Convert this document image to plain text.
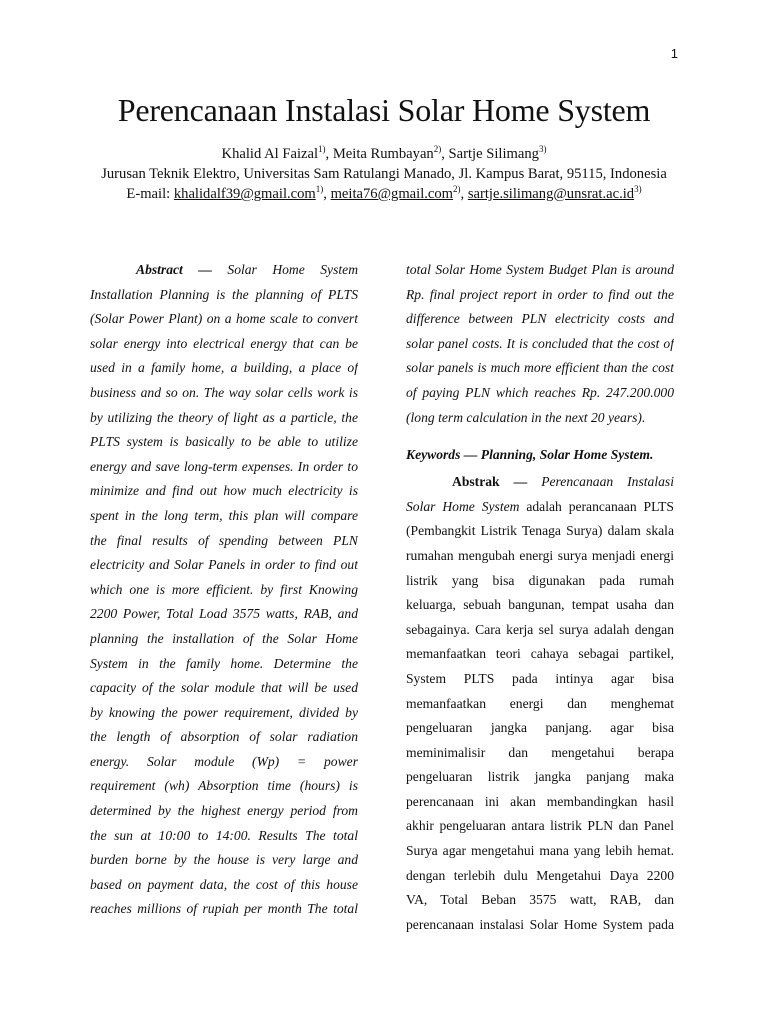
1
Perencanaan Instalasi Solar Home System
Khalid Al Faizal$^{1)}$, Meita Rumbayan$^{2)}$, Sartje Silimang$^{3)}$
Jurusan Teknik Elektro, Universitas Sam Ratulangi Manado, Jl. Kampus Barat, 95115, Indonesia
E-mail: khalidalf39@gmail.com$^{1)}$, meita76@gmail.com$^{2)}$, $sartje.silimang@unsrat.ac.id^{3)}$
Abstract — Solar Home System
Installation Planning is the planning of PLTS
(Solar Power Plant) on a home scale to convert
solar energy into electrical energy that can be
used in a family home, a building, a place of
business and so on. The way solar cells work is
by utilizing the theory of light as a particle, the
PLTS system is basically to be able to utilize
energy and save long-term expenses. In order to
minimize and find out how much electricity is
spent in the long term, this plan will compare
the final results of spending between PLN
electricity and Solar Panels in order to find out
which one is more efficient. by first Knowing
2200 Power, Total Load 3575 watts, RAB, and
planning the installation of the Solar Home
System in the family home. Determine the
capacity of the solar module that will be used
by knowing the power requirement, divided by
the length of absorption of solar radiation
energy. Solar module (Wp) = power
requirement (wh) Absorption time (hours) is
determined by the highest energy period from
the sun at 10:00 to 14:00. Results The total
burden borne by the house is very large and
based on payment data, the cost of this house
reaches millions of rupiah per month The total
total Solar Home System Budget Plan is around
Rp. final project report in order to find out the
difference between PLN electricity costs and
solar panel costs. It is concluded that the cost of
solar panels is much more efficient than the cost
of paying PLN which reaches Rp. 247.200.000
(long term calculation in the next 20 years).
Keywords — Planning, Solar Home System.
Abstrak — Perencanaan Instalasi
Solar Home System adalah perancanaan PLTS
(Pembangkit Listrik Tenaga Surya) dalam skala
rumahan mengubah energi surya menjadi energi
listrik yang bisa digunakan pada rumah
keluarga, sebuah bangunan, tempat usaha dan
sebagainya. Cara kerja sel surya adalah dengan
memanfaatkan teori cahaya sebagai partikel,
System PLTS pada intinya agar bisa
memanfaatkan energi dan menghemat
pengeluaran jangka panjang. agar bisa
meminimalisir dan mengetahui berapa
pengeluaran listrik jangka panjang maka
perencanaan ini akan membandingkan hasil
akhir pengeluaran antara listrik PLN dan Panel
Surya agar mengetahui mana yang lebih hemat.
dengan terlebih dulu Mengetahui Daya 2200
VA, Total Beban 3575 watt, RAB, dan
perencanaan instalasi Solar Home System pada
